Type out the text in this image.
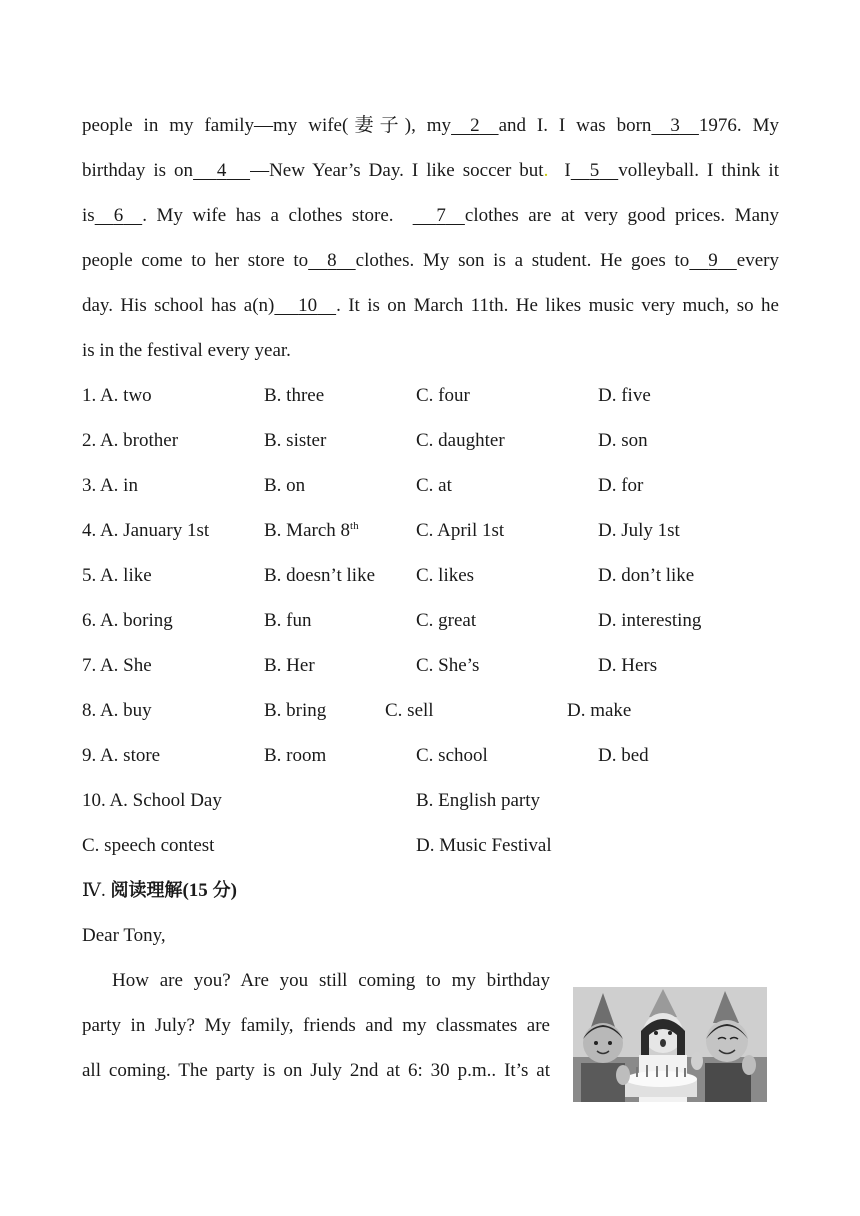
people in my family—my wife(妻子), my 2 and I. I was born 3 1976. My
birthday is on 4 —New Year’s Day. I like soccer but. I 5 volleyball. I think it
is 6 . My wife has a clothes store. 7 clothes are at very good prices. Many
people come to her store to 8 clothes. My son is a student. He goes to 9 every
day. His school has a(n) 10 . It is on March 11th. He likes music very much, so he
is in the festival every year.
1. A. two	B. three	C. four	D. five
2. A. brother	B. sister	C. daughter	D. son
3. A. in	B. on	C. at	D. for
4. A. January 1st	B. March 8th	C. April 1st	D. July 1st
5. A. like	B. doesn’t like C. likes	D. don’t like
6. A. boring	B. fun	C. great	D. interesting
7. A. She	B. Her	C. She’s	D. Hers
8. A. buy	B. bring	C. sell	D. make
9. A. store	B. room	C. school	D. bed
10. A. School Day	B. English party
C. speech contest	D. Music Festival
Ⅳ. 阅读理解(15 分)
Dear Tony,
How are you? Are you still coming to my birthday
party in July? My family, friends and my classmates are
all coming. The party is on July 2nd at 6: 30 p.m.. It’s at
